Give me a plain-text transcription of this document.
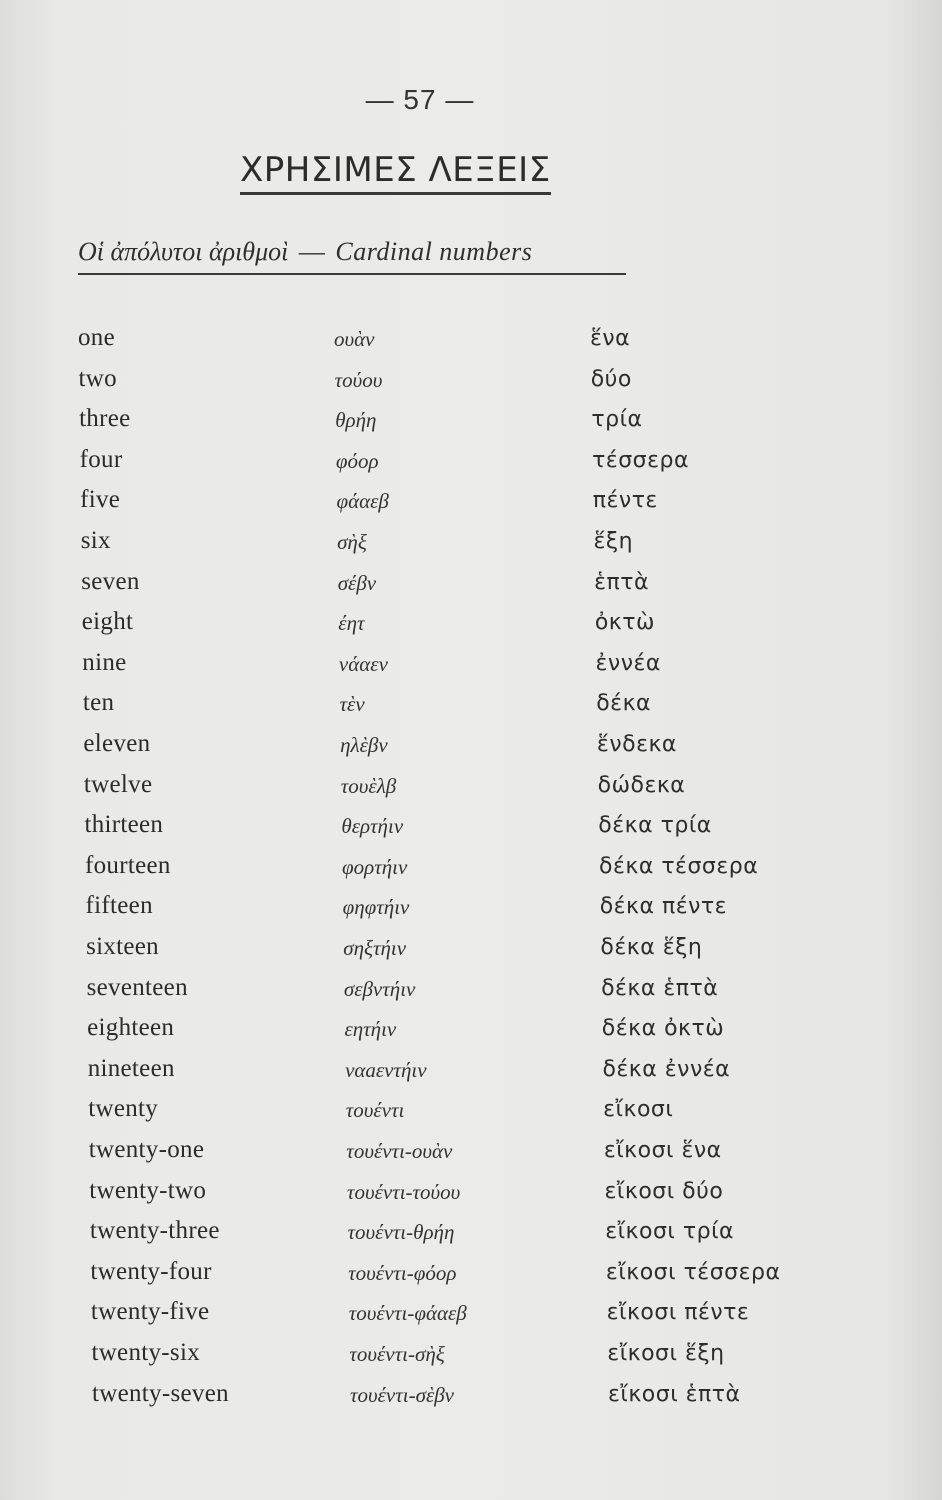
— 57 —
ΧΡΗΣΙΜΕΣ ΛΕΞΕΙΣ
Οἱ ἀπόλυτοι ἀριθμοὶ — Cardinal numbers
one	ουὰν	ἕνα
two	τούου	δύο
three	θρήη	τρία
four	φόορ	τέσσερα
five	φάαεβ	πέντε
six	σὴξ	ἕξη
seven	σέβν	ἑπτὰ
eight	έητ	ὀκτὼ
nine	νάαεν	ἐννέα
ten	τὲν	δέκα
eleven	ηλὲβν	ἕνδεκα
twelve	τουὲλβ	δώδεκα
thirteen	θερτήιν	δέκα τρία
fourteen	φορτήιν	δέκα τέσσερα
fifteen	φηφτήιν	δέκα πέντε
sixteen	σηξτήιν	δέκα ἕξη
seventeen	σεβντήιν	δέκα ἑπτὰ
eighteen	εητήιν	δέκα ὀκτὼ
nineteen	ναaεντήιν	δέκα ἐννέα
twenty	τουέντι	εἴκοσι
twenty-one	τουέντι-ουὰν	εἴκοσι ἕνα
twenty-two	τουέντι-τούου	εἴκοσι δύο
twenty-three	τουέντι-θρήη	εἴκοσι τρία
twenty-four	τουέντι-φόορ	εἴκοσι τέσσερα
twenty-five	τουέντι-φάαεβ	εἴκοσι πέντε
twenty-six	τουέντι-σὴξ	εἴκοσι ἕξη
twenty-seven	τουέντι-σὲβν	εἴκοσι ἑπτὰ
